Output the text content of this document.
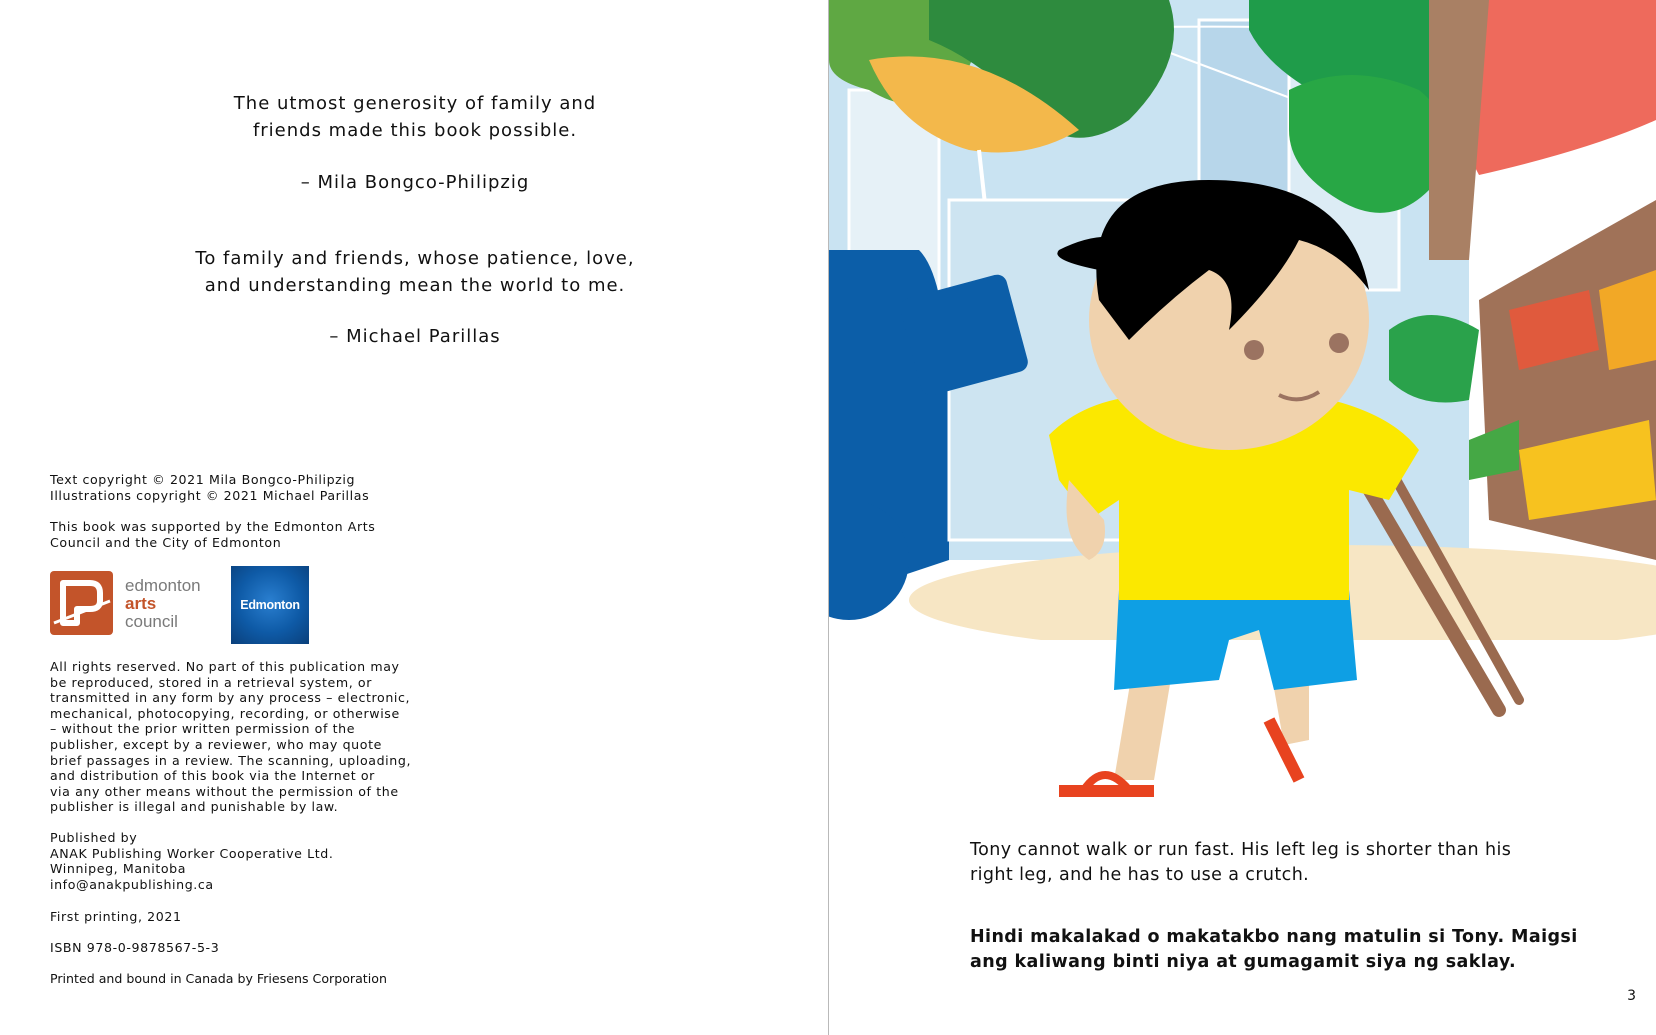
The utmost generosity of family and

friends made this book possible.

– Mila Bongco-Philipzig

To family and friends, whose patience, love,

and understanding mean the world to me.

– Michael Parillas

Text copyright © 2021 Mila Bongco-Philipzig

Illustrations copyright © 2021 Michael Parillas

This book was supported by the Edmonton Arts

Council and the City of Edmonton

edmonton
arts
council
Edmonton

All rights reserved. No part of this publication may

be reproduced, stored in a retrieval system, or

transmitted in any form by any process – electronic,

mechanical, photocopying, recording, or otherwise

– without the prior written permission of the

publisher, except by a reviewer, who may quote

brief passages in a review. The scanning, uploading,

and distribution of this book via the Internet or

via any other means without the permission of the

publisher is illegal and punishable by law.

Published by

ANAK Publishing Worker Cooperative Ltd.

Winnipeg, Manitoba

info@anakpublishing.ca

First printing, 2021
ISBN 978-0-9878567-5-3
Printed and bound in Canada by Friesens Corporation
Tony cannot walk or run fast. His left leg is shorter than his
right leg, and he has to use a crutch.
Hindi makalakad o makatakbo nang matulin si Tony. Maigsi
ang kaliwang binti niya at gumagamit siya ng saklay.
3
